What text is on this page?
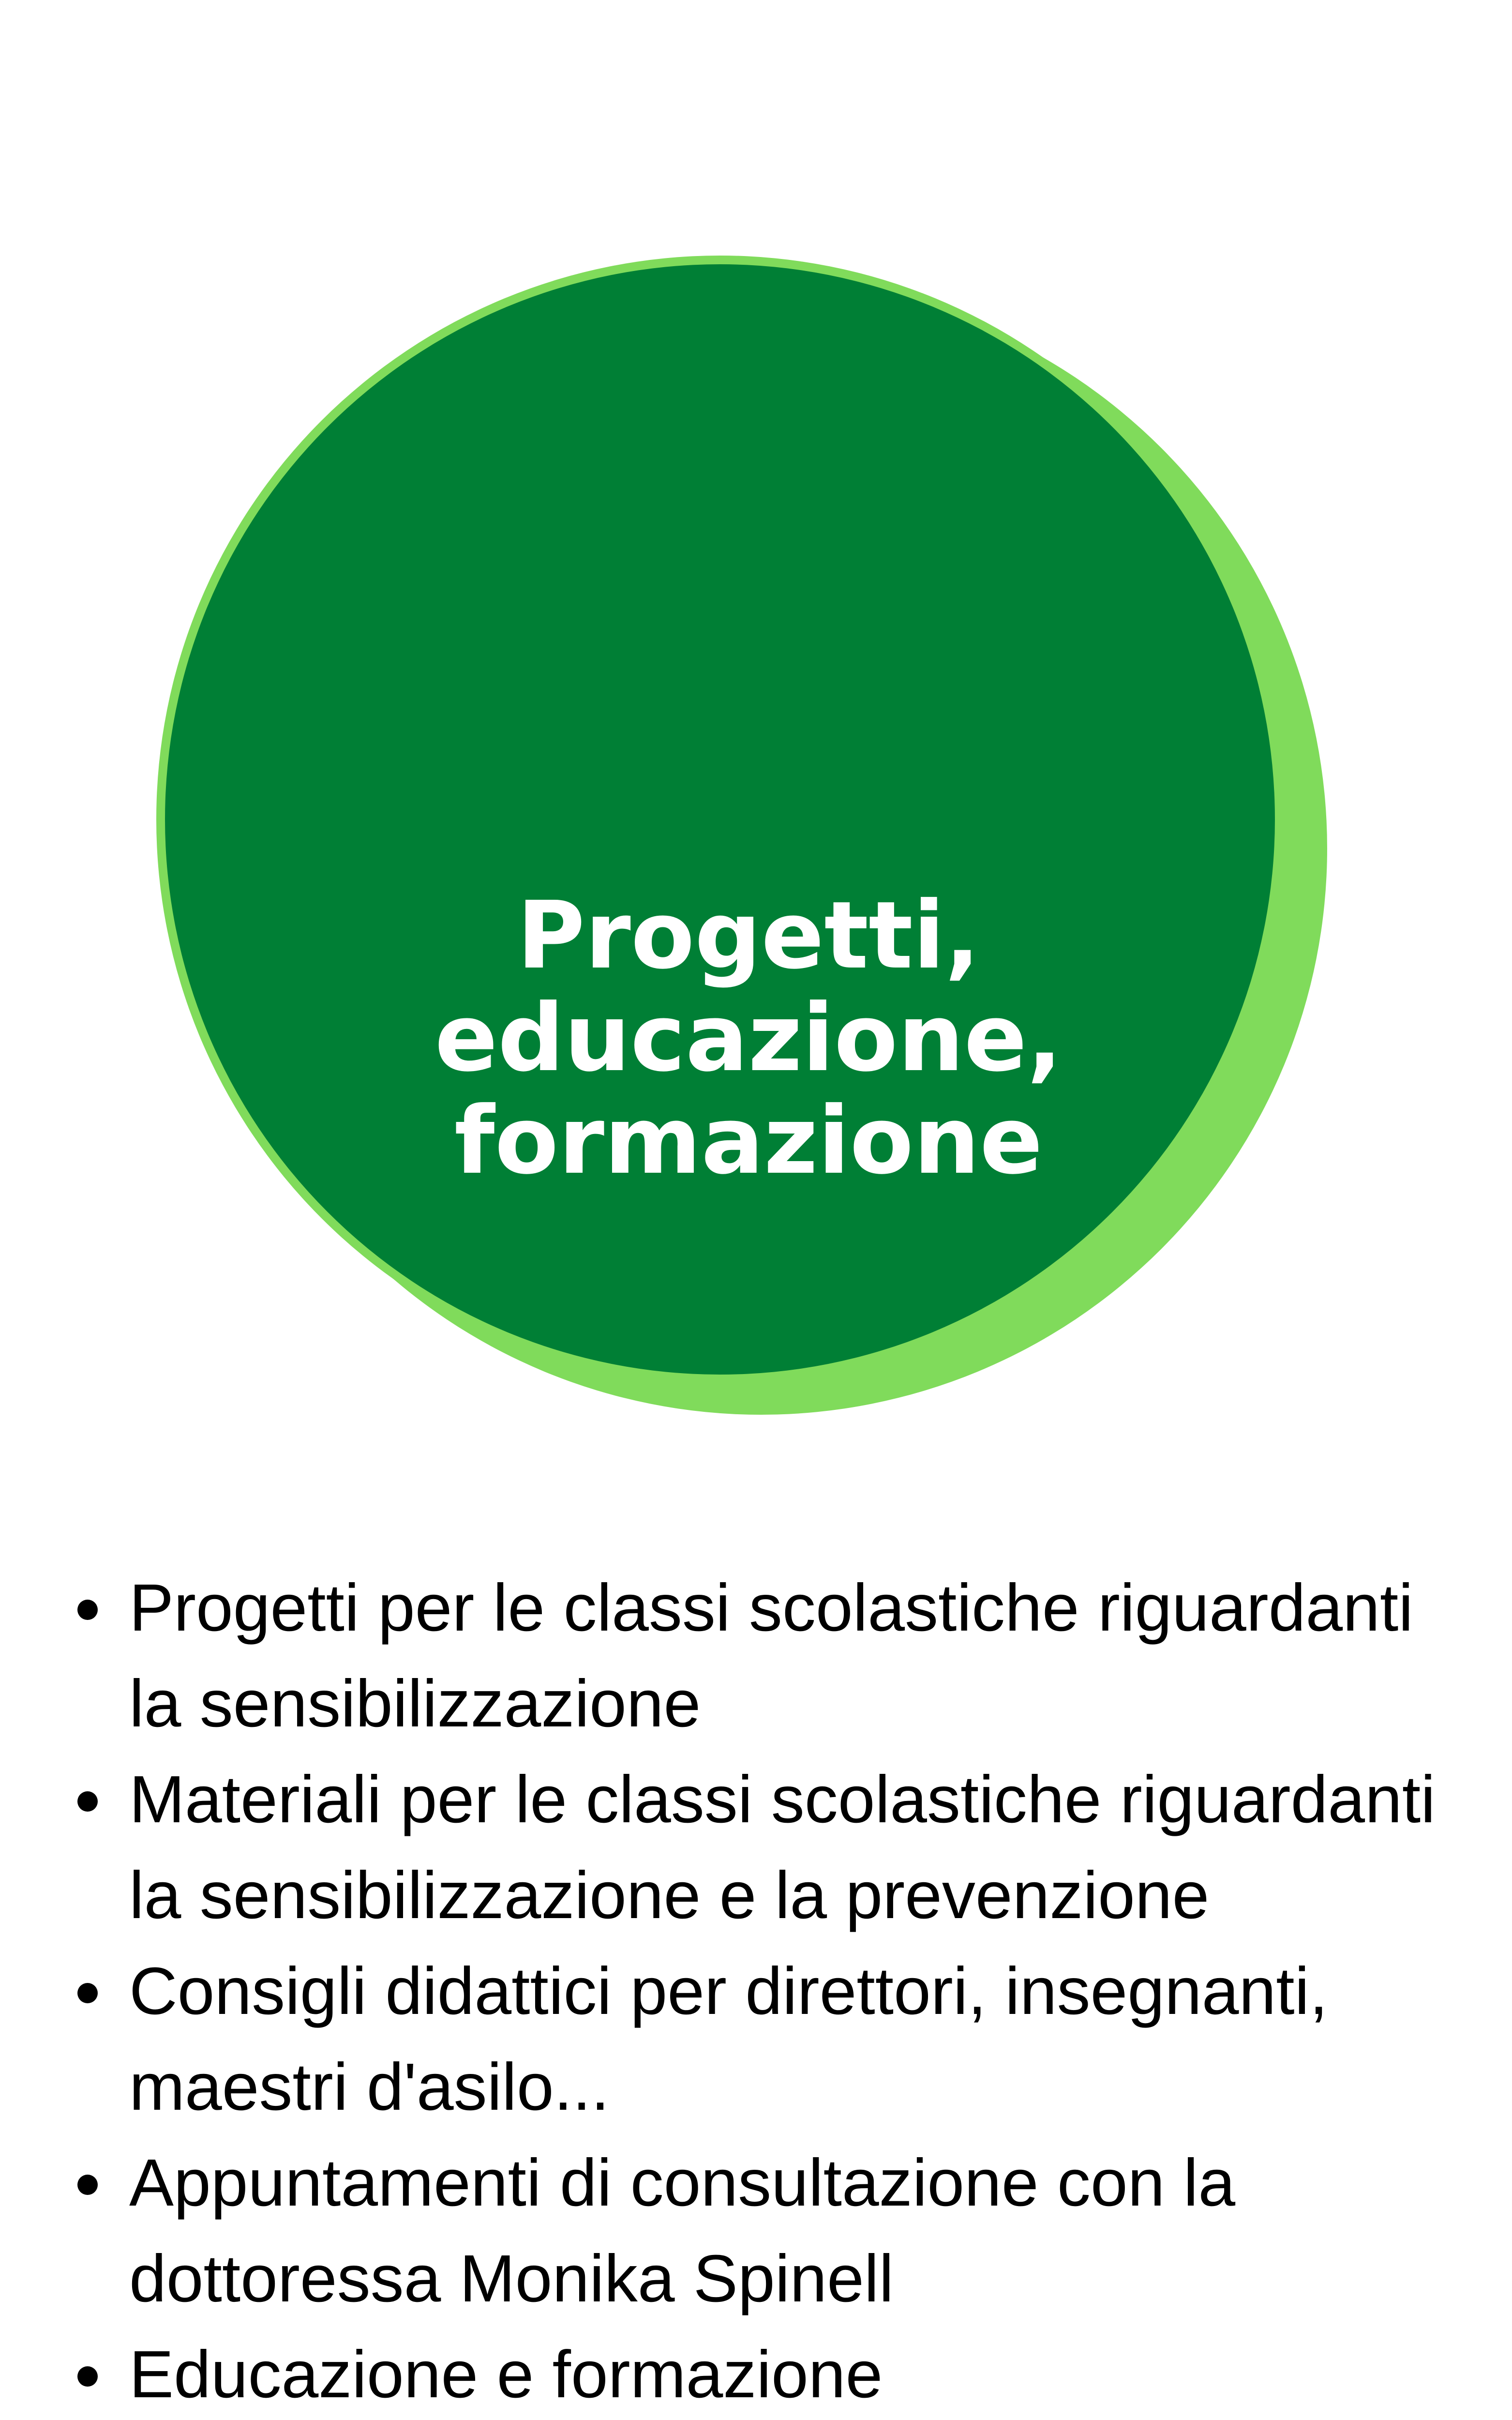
Progetti,
educazione,
formazione
Progetti per le classi scolastiche riguardanti la sensibilizzazione
Materiali per le classi scolastiche riguardanti la sensibilizzazione e la prevenzione
Consigli didattici per direttori, insegnanti, maestri d'asilo...
Appuntamenti di consultazione con la dottoressa Monika Spinell
Educazione e formazione
